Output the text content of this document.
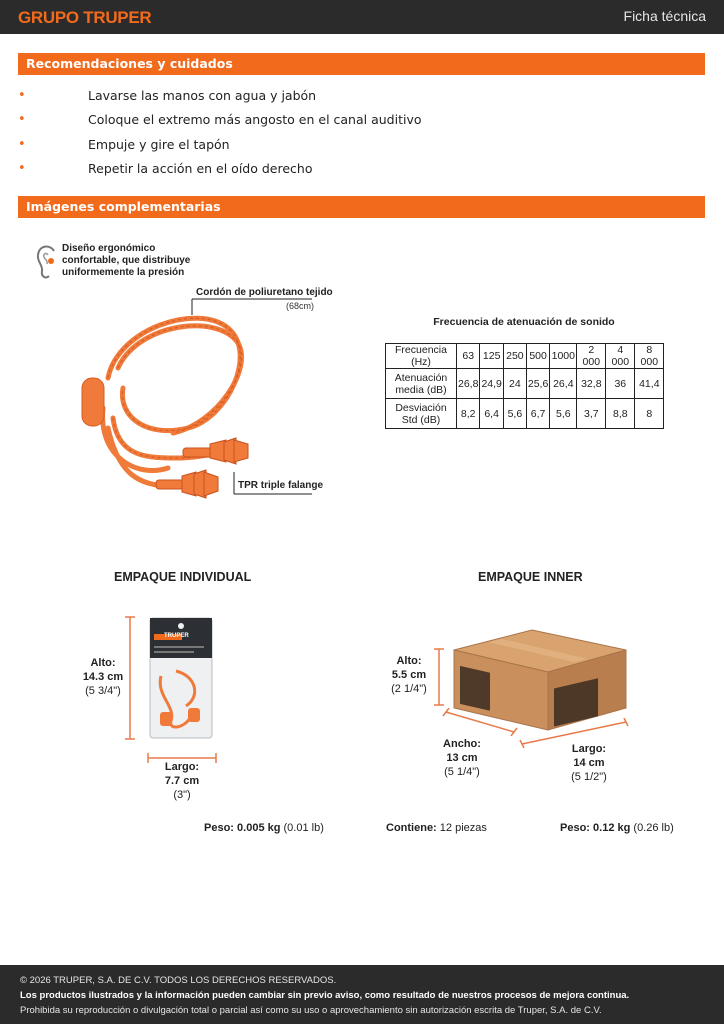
GRUPO TRUPER	Ficha técnica
Recomendaciones y cuidados
•	Lavarse las manos con agua y jabón
•	Coloque el extremo más angosto en el canal auditivo
•	Empuje y gire el tapón
•	Repetir la acción en el oído derecho
Imágenes complementarias
Diseño ergonómico
confortable, que distribuye
uniformemente la presión
Cordón de poliuretano tejido
(68cm)
TPR triple falange
Frecuencia de atenuación de sonido
Frecuencia (Hz)	63	125	250	500	1000	2 000	4 000	8 000
Atenuación
media (dB)	26,8	24,9	24	25,6	26,4	32,8	36	41,4
Desviación
Std (dB)	8,2	6,4	5,6	6,7	5,6	3,7	8,8	8
EMPAQUE INDIVIDUAL
TRUPER
Alto:
14.3 cm
(5 3/4")
Largo:
7.7 cm
(3")
Peso: 0.005 kg (0.01 lb)
EMPAQUE INNER
Alto:
5.5 cm
(2 1/4")
Ancho:
13 cm
(5 1/4")
Largo:
14 cm
(5 1/2")
Contiene: 12 piezas	Peso: 0.12 kg (0.26 lb)
© 2026 TRUPER, S.A. DE C.V. TODOS LOS DERECHOS RESERVADOS.
Los productos ilustrados y la información pueden cambiar sin previo aviso, como resultado de nuestros procesos de mejora continua.
Prohibida su reproducción o divulgación total o parcial así como su uso o aprovechamiento sin autorización escrita de Truper, S.A. de C.V.
